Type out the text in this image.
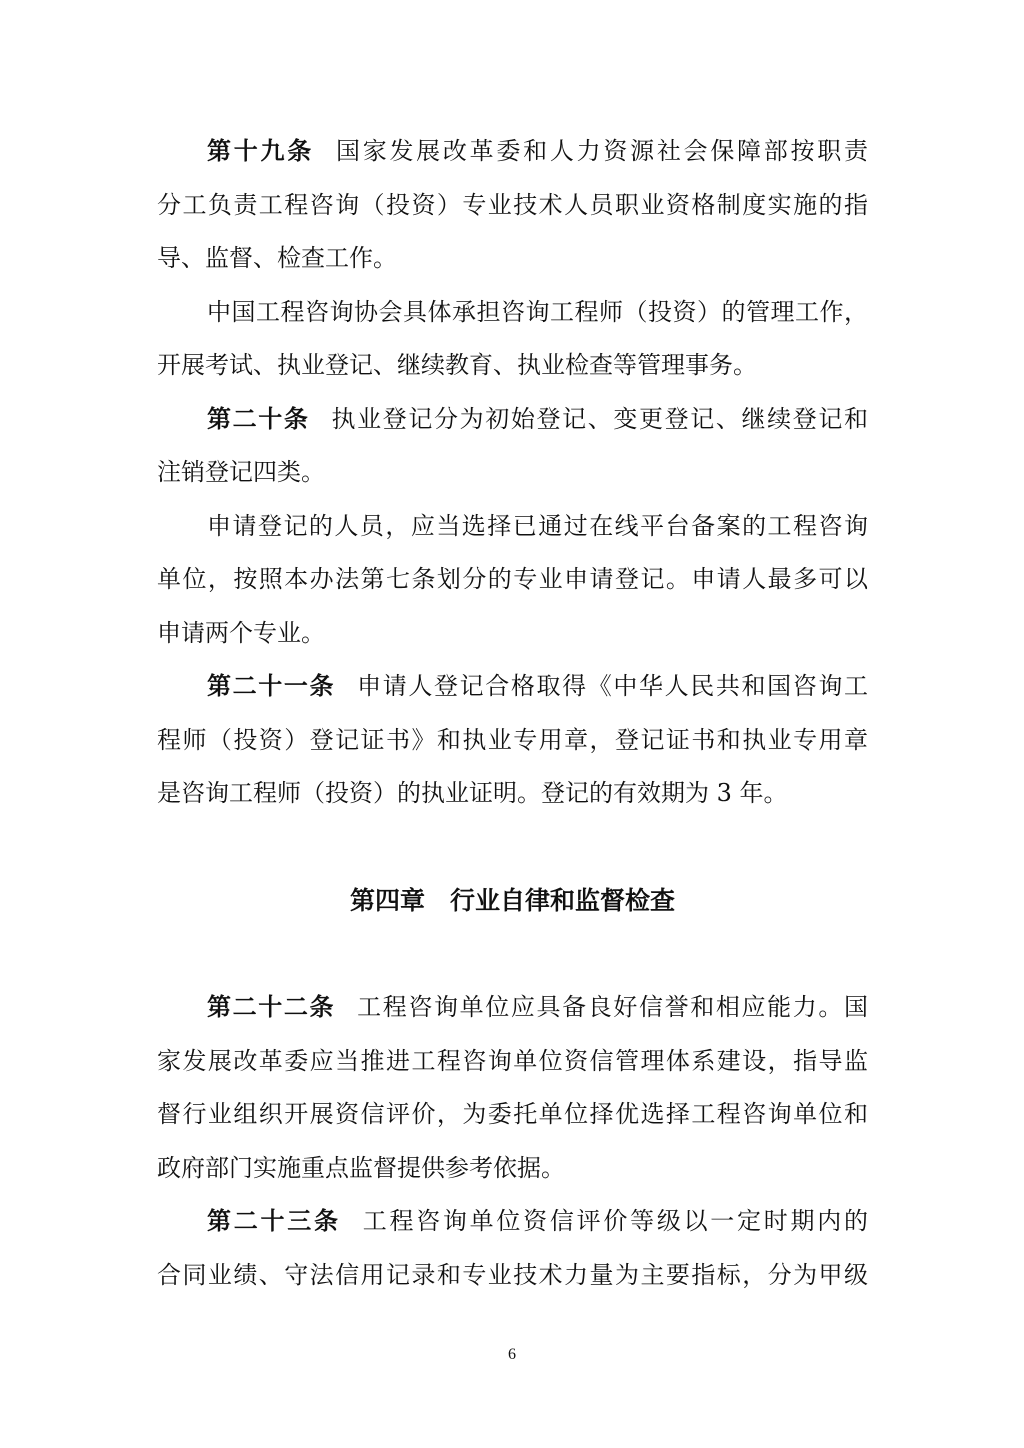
第十九条 国家发展改革委和人力资源社会保障部按职责
分工负责工程咨询（投资）专业技术人员职业资格制度实施的指
导、监督、检查工作。
中国工程咨询协会具体承担咨询工程师（投资）的管理工作，
开展考试、执业登记、继续教育、执业检查等管理事务。
第二十条 执业登记分为初始登记、变更登记、继续登记和
注销登记四类。
申请登记的人员，应当选择已通过在线平台备案的工程咨询
单位，按照本办法第七条划分的专业申请登记。申请人最多可以
申请两个专业。
第二十一条 申请人登记合格取得《中华人民共和国咨询工
程师（投资）登记证书》和执业专用章，登记证书和执业专用章
是咨询工程师（投资）的执业证明。登记的有效期为 3 年。
第四章 行业自律和监督检查
第二十二条 工程咨询单位应具备良好信誉和相应能力。国
家发展改革委应当推进工程咨询单位资信管理体系建设，指导监
督行业组织开展资信评价，为委托单位择优选择工程咨询单位和
政府部门实施重点监督提供参考依据。
第二十三条 工程咨询单位资信评价等级以一定时期内的
合同业绩、守法信用记录和专业技术力量为主要指标，分为甲级
6
